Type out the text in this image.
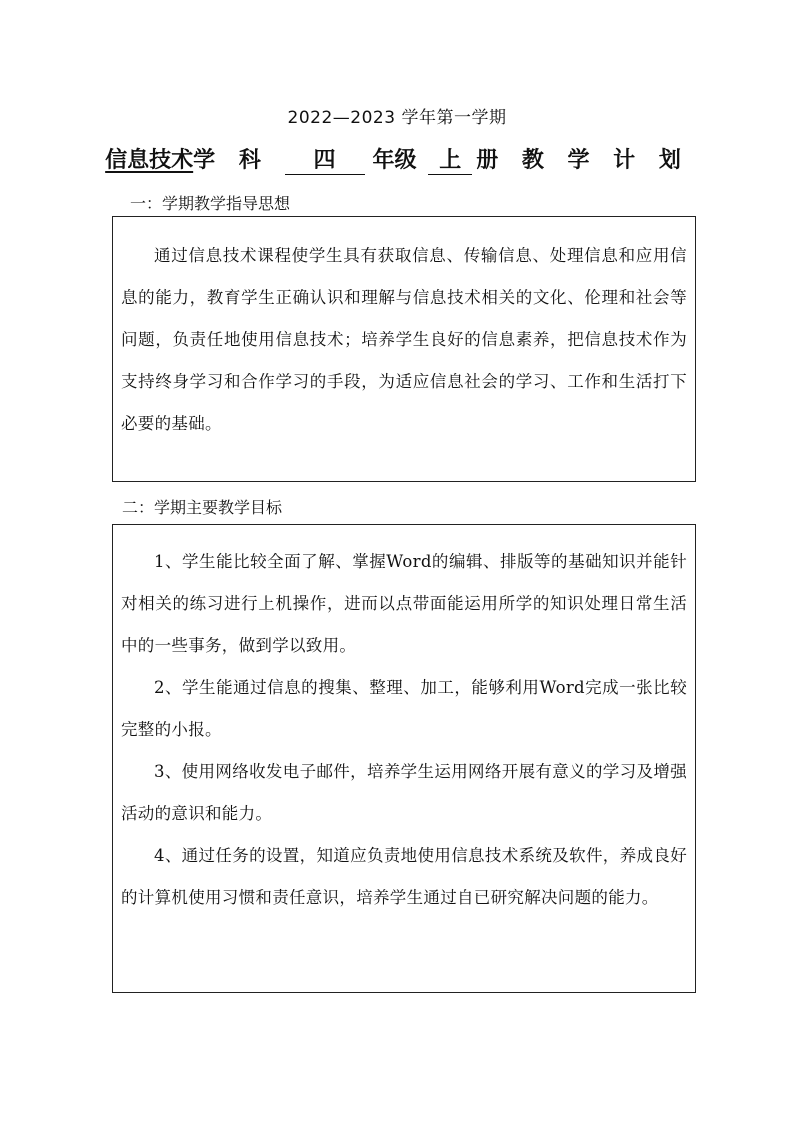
2022—2023 学年第一学期
信息技术学 科 四 年级 上 册 教 学 计 划
一：学期教学指导思想

通过信息技术课程使学生具有获取信息、传输信息、处理信息和应用信息的能力，教育学生正确认识和理解与信息技术相关的文化、伦理和社会等问题，负责任地使用信息技术；培养学生良好的信息素养，把信息技术作为支持终身学习和合作学习的手段，为适应信息社会的学习、工作和生活打下必要的基础。

二：学期主要教学目标

1、学生能比较全面了解、掌握Word的编辑、排版等的基础知识并能针对相关的练习进行上机操作，进而以点带面能运用所学的知识处理日常生活中的一些事务，做到学以致用。

2、学生能通过信息的搜集、整理、加工，能够利用Word完成一张比较完整的小报。

3、使用网络收发电子邮件，培养学生运用网络开展有意义的学习及增强活动的意识和能力。

4、通过任务的设置，知道应负责地使用信息技术系统及软件，养成良好的计算机使用习惯和责任意识，培养学生通过自已研究解决问题的能力。
